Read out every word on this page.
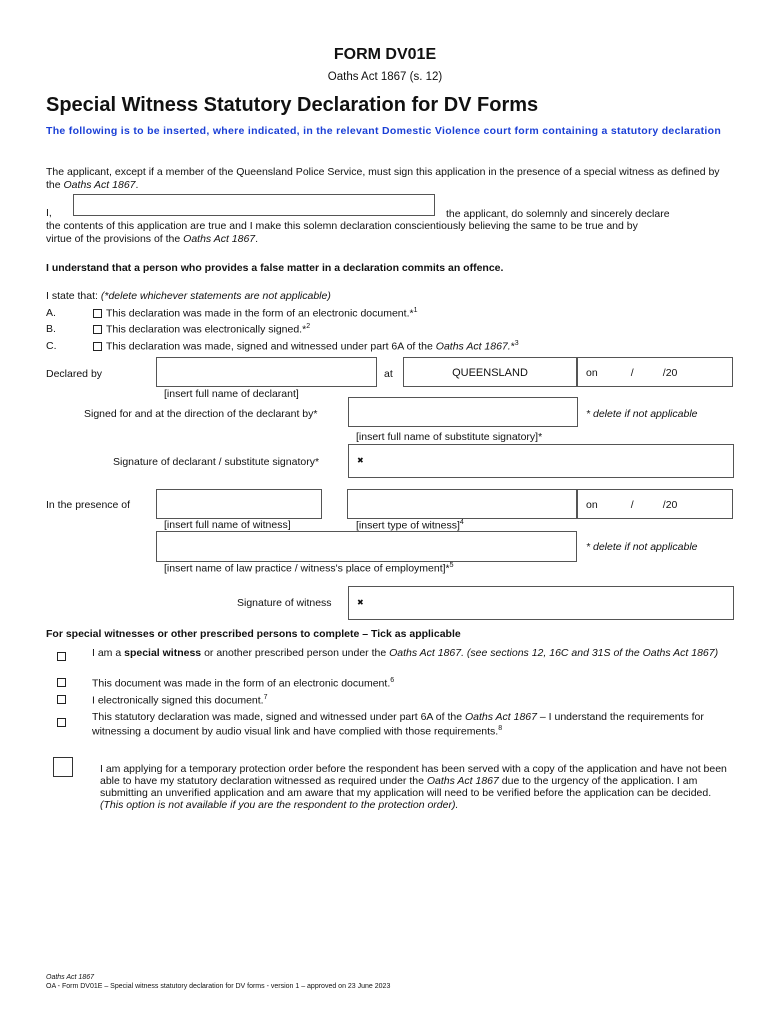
FORM DV01E
Oaths Act 1867 (s. 12)
Special Witness Statutory Declaration for DV Forms
The following is to be inserted, where indicated, in the relevant Domestic Violence court form containing a statutory declaration
The applicant, except if a member of the Queensland Police Service, must sign this application in the presence of a special witness as defined by the Oaths Act 1867.
I,	the applicant, do solemnly and sincerely declare
the contents of this application are true and I make this solemn declaration conscientiously believing the same to be true and by
virtue of the provisions of the Oaths Act 1867.
I understand that a person who provides a false matter in a declaration commits an offence.
I state that: (*delete whichever statements are not applicable)
A.	This declaration was made in the form of an electronic document.*$^1$
B.	This declaration was electronically signed.*$^2$
C.	This declaration was made, signed and witnessed under part 6A of the Oaths Act 1867.*$^3$
Declared by	at	QUEENSLAND	on	/          /20
[insert full name of declarant]
Signed for and at the direction of the declarant by*	* delete if not applicable
[insert full name of substitute signatory]*
Signature of declarant / substitute signatory*	✖
In the presence of	on	/          /20
[insert full name of witness]	[insert type of witness]$^4$
* delete if not applicable
[insert name of law practice / witness's place of employment]*$^5$
Signature of witness	✖
For special witnesses or other prescribed persons to complete – Tick as applicable
I am a special witness or another prescribed person under the Oaths Act 1867. (see sections 12, 16C and 31S of the Oaths Act 1867)
This document was made in the form of an electronic document.$^6$
I electronically signed this document.$^7$
This statutory declaration was made, signed and witnessed under part 6A of the Oaths Act 1867 – I understand the requirements for witnessing a document by audio visual link and have complied with those requirements.$^8$
I am applying for a temporary protection order before the respondent has been served with a copy of the application and have not been able to have my statutory declaration witnessed as required under the Oaths Act 1867 due to the urgency of the application. I am submitting an unverified application and am aware that my application will need to be verified before the application can be decided. (This option is not available if you are the respondent to the protection order).
Oaths Act 1867
OA - Form DV01E – Special witness statutory declaration for DV forms - version 1 – approved on 23 June 2023
